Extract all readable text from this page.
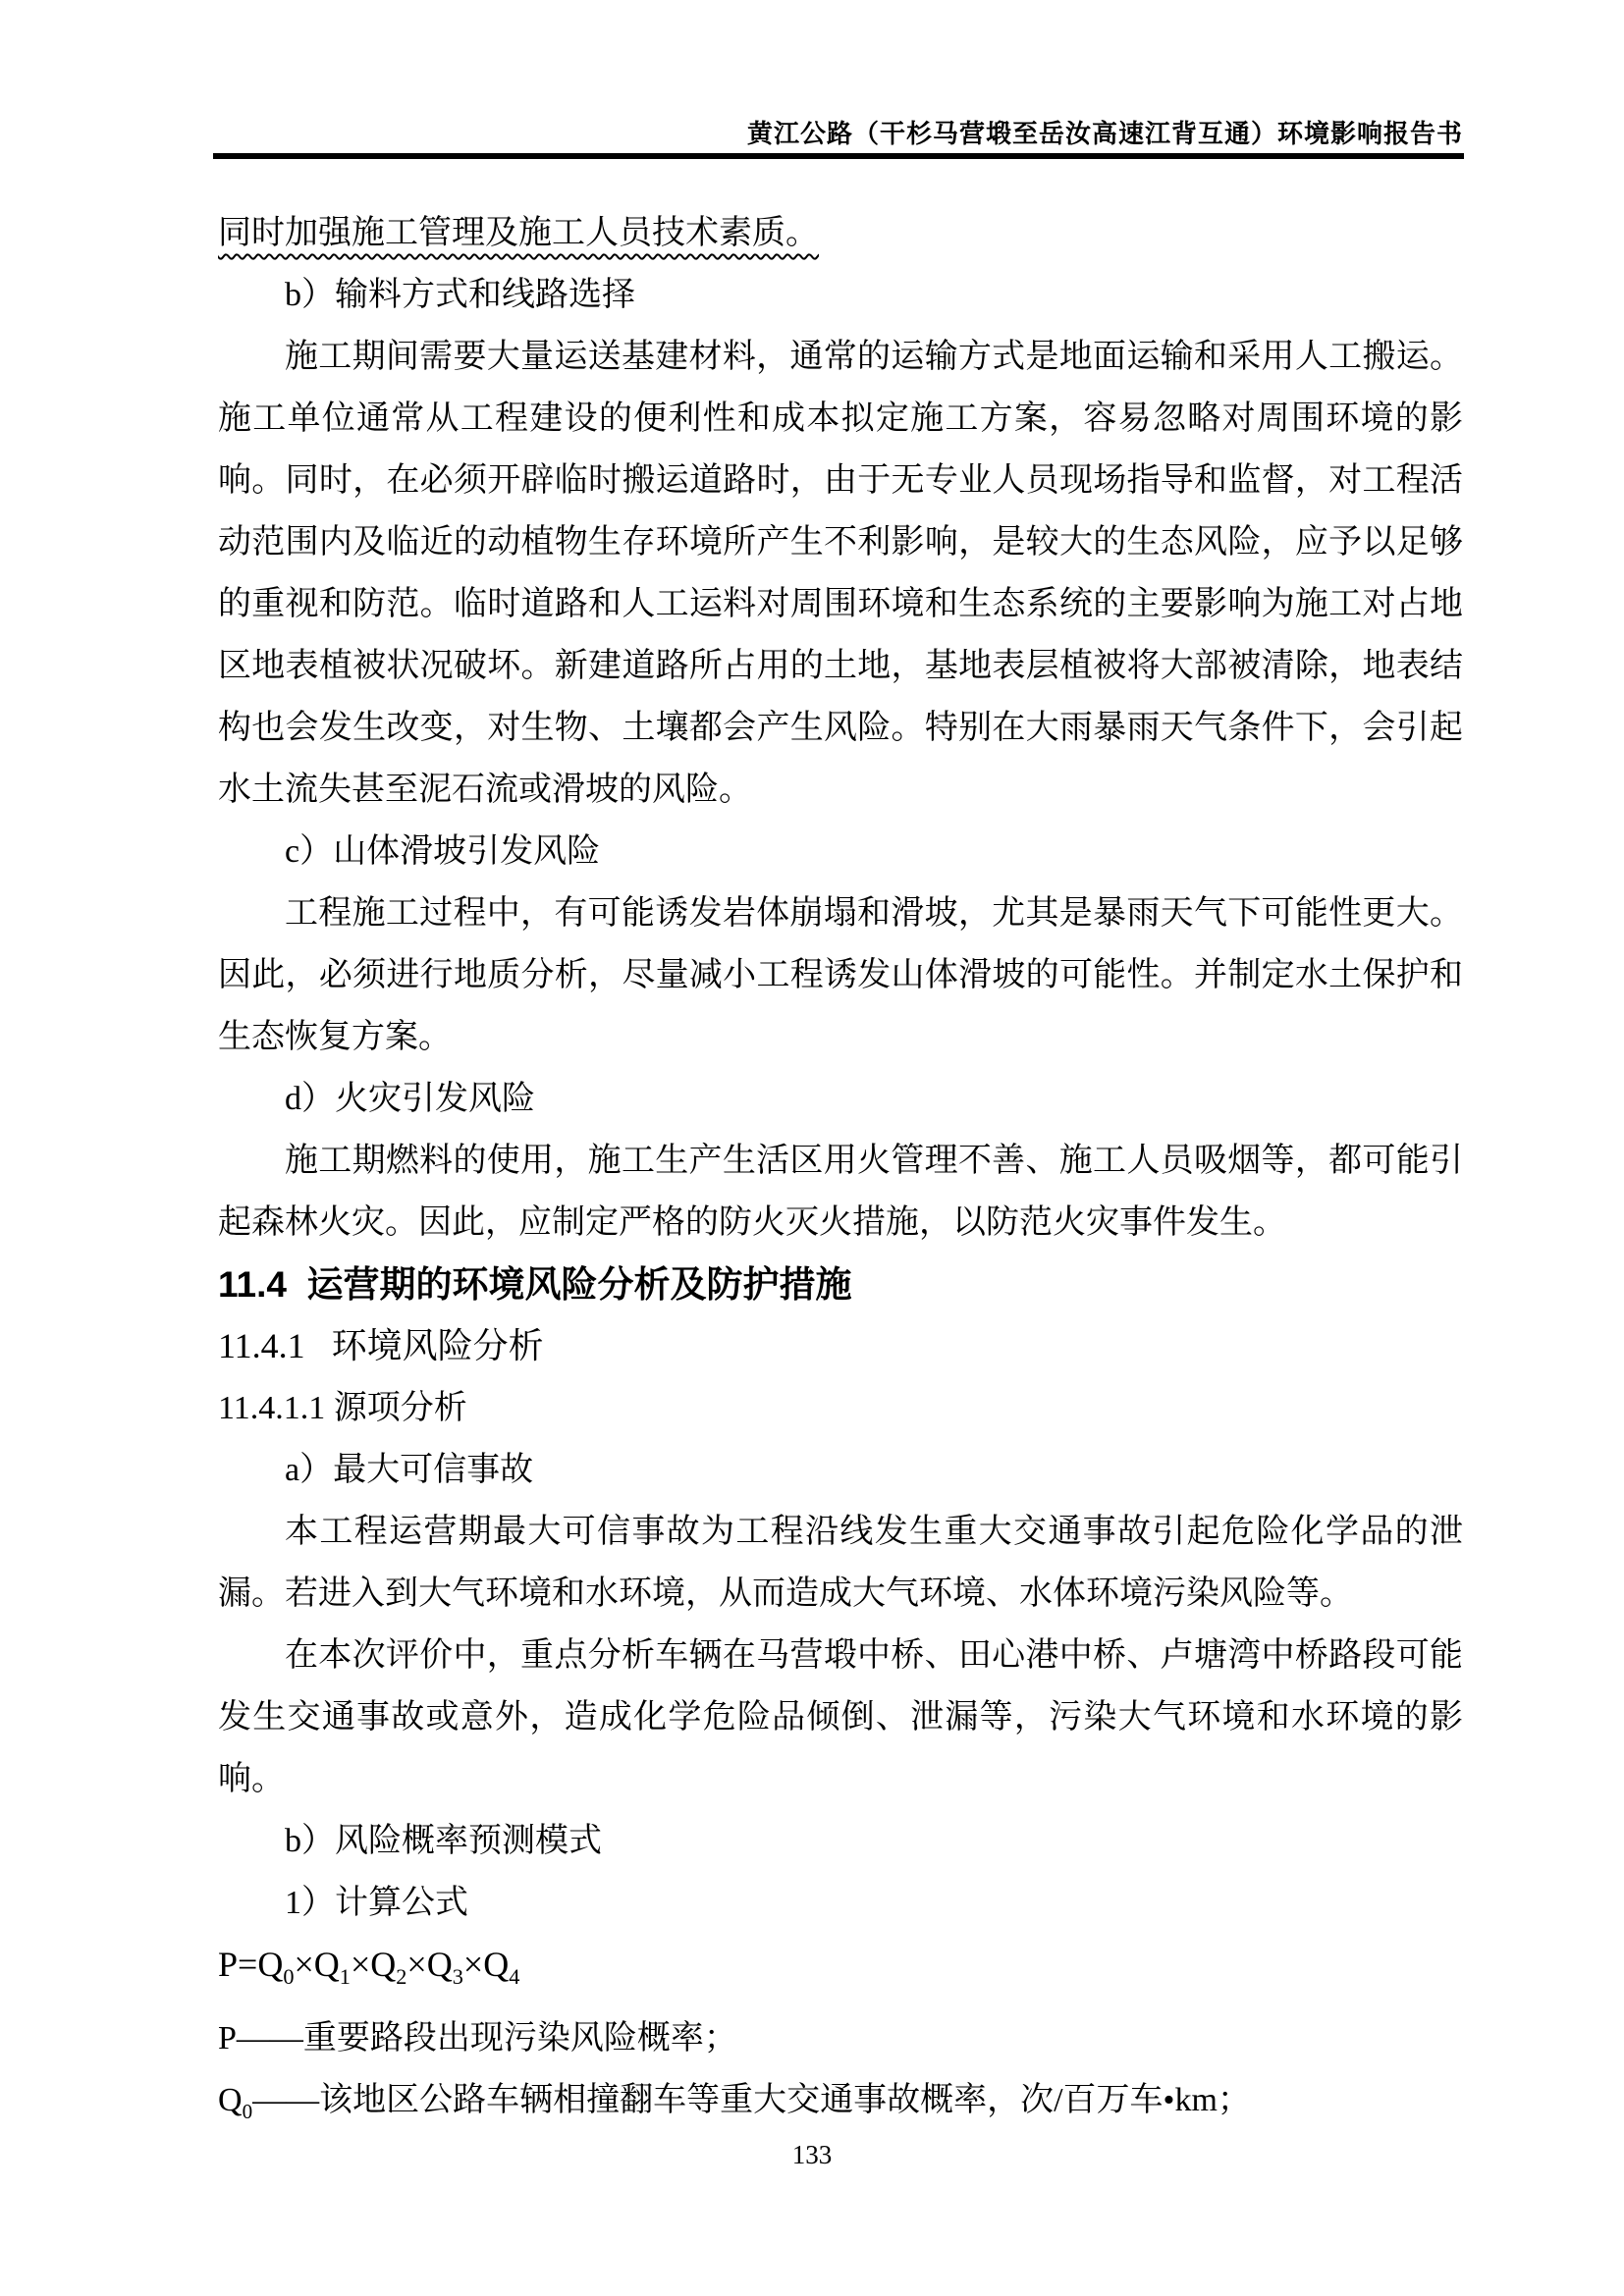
黄江公路（干杉马营塅至岳汝高速江背互通）环境影响报告书

同时加强施工管理及施工人员技术素质。

b）输料方式和线路选择

施工期间需要大量运送基建材料，通常的运输方式是地面运输和采用人工搬运。施工单位通常从工程建设的便利性和成本拟定施工方案，容易忽略对周围环境的影响。同时，在必须开辟临时搬运道路时，由于无专业人员现场指导和监督，对工程活动范围内及临近的动植物生存环境所产生不利影响，是较大的生态风险，应予以足够的重视和防范。临时道路和人工运料对周围环境和生态系统的主要影响为施工对占地区地表植被状况破坏。新建道路所占用的土地，基地表层植被将大部被清除，地表结构也会发生改变，对生物、土壤都会产生风险。特别在大雨暴雨天气条件下，会引起水土流失甚至泥石流或滑坡的风险。

c）山体滑坡引发风险

工程施工过程中，有可能诱发岩体崩塌和滑坡，尤其是暴雨天气下可能性更大。因此，必须进行地质分析，尽量减小工程诱发山体滑坡的可能性。并制定水土保护和生态恢复方案。

d）火灾引发风险

施工期燃料的使用，施工生产生活区用火管理不善、施工人员吸烟等，都可能引起森林火灾。因此，应制定严格的防火灭火措施，以防范火灾事件发生。

11.4  运营期的环境风险分析及防护措施

11.4.1   环境风险分析

11.4.1.1 源项分析

a）最大可信事故

本工程运营期最大可信事故为工程沿线发生重大交通事故引起危险化学品的泄漏。若进入到大气环境和水环境，从而造成大气环境、水体环境污染风险等。

在本次评价中，重点分析车辆在马营塅中桥、田心港中桥、卢塘湾中桥路段可能发生交通事故或意外，造成化学危险品倾倒、泄漏等，污染大气环境和水环境的影响。

b）风险概率预测模式

1）计算公式

$P=Q_0\times Q_1\times Q_2\times Q_3\times Q_4$

P——重要路段出现污染风险概率；

$Q_0——$该地区公路车辆相撞翻车等重大交通事故概率，次/百万车•km；

133
